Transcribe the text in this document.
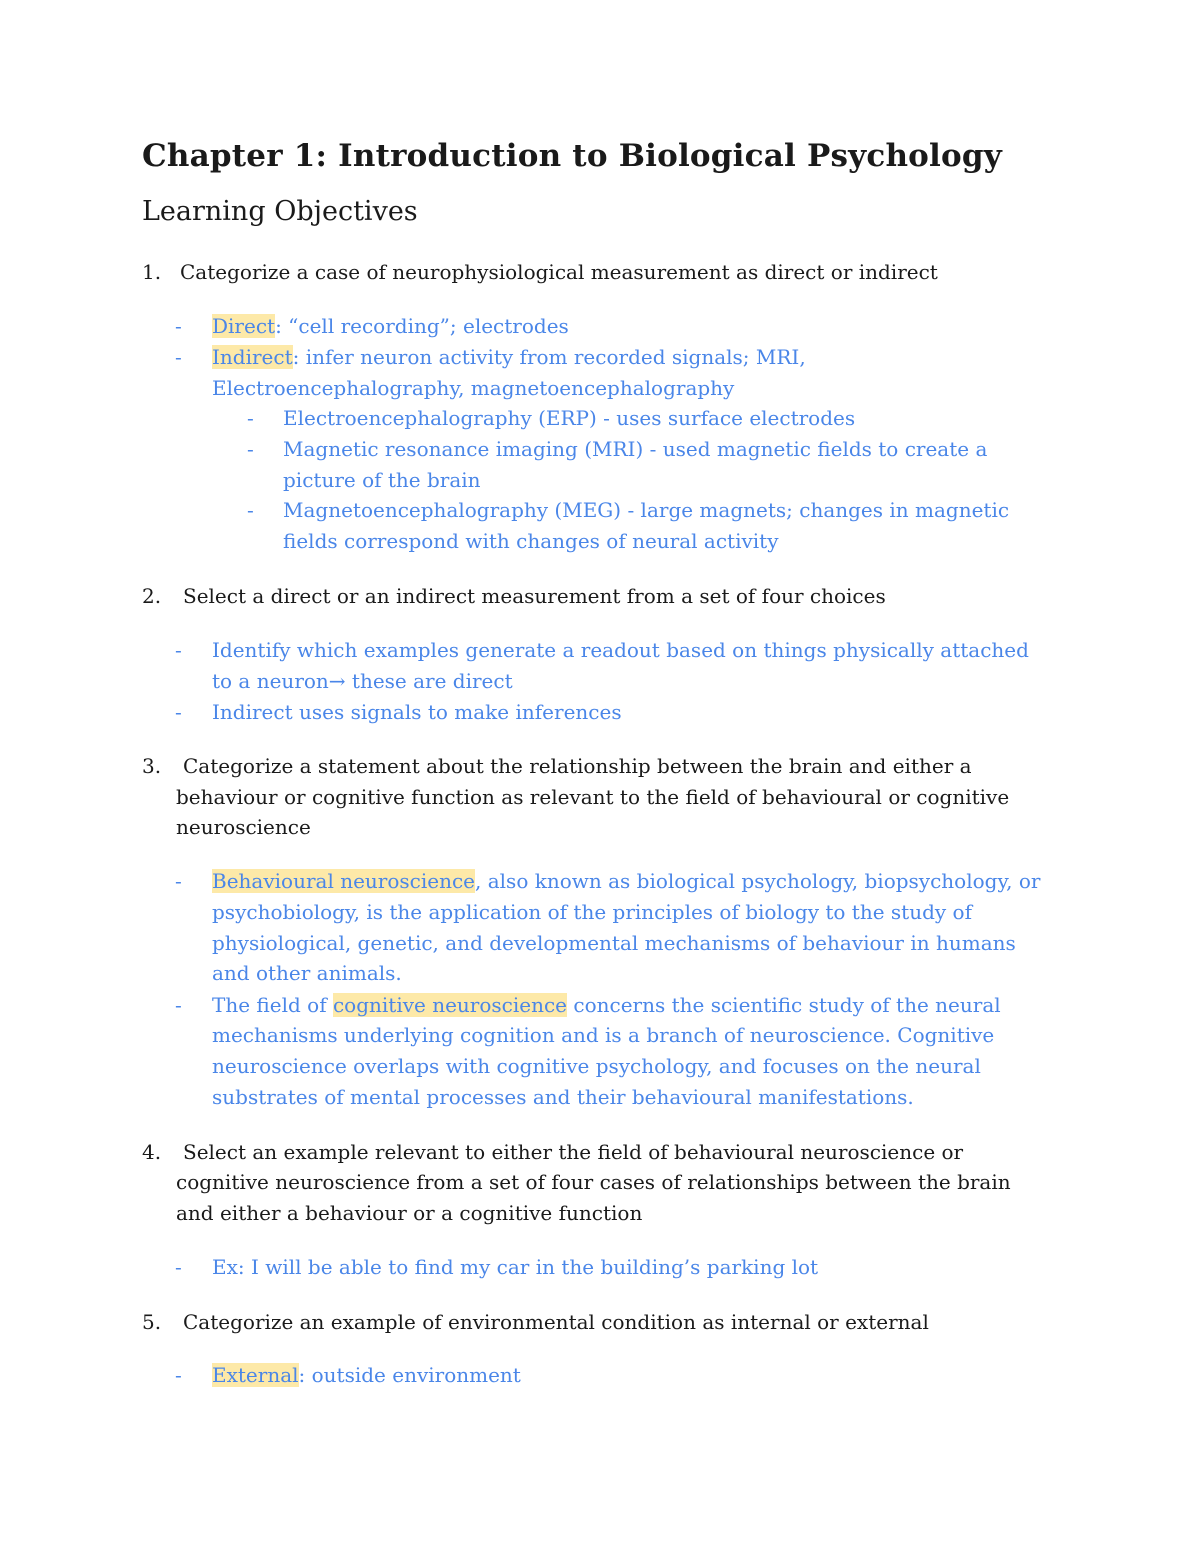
Chapter 1: Introduction to Biological Psychology
Learning Objectives
1. Categorize a case of neurophysiological measurement as direct or indirect
- Direct: “cell recording”; electrodes
- Indirect: infer neuron activity from recorded signals; MRI,
Electroencephalography, magnetoencephalography
- Electroencephalography (ERP) - uses surface electrodes
- Magnetic resonance imaging (MRI) - used magnetic fields to create a
picture of the brain
- Magnetoencephalography (MEG) - large magnets; changes in magnetic
fields correspond with changes of neural activity
2. Select a direct or an indirect measurement from a set of four choices
- Identify which examples generate a readout based on things physically attached
to a neuron→ these are direct
- Indirect uses signals to make inferences
3. Categorize a statement about the relationship between the brain and either a
behaviour or cognitive function as relevant to the field of behavioural or cognitive
neuroscience
- Behavioural neuroscience, also known as biological psychology, biopsychology, or
psychobiology, is the application of the principles of biology to the study of
physiological, genetic, and developmental mechanisms of behaviour in humans
and other animals.
- The field of cognitive neuroscience concerns the scientific study of the neural
mechanisms underlying cognition and is a branch of neuroscience. Cognitive
neuroscience overlaps with cognitive psychology, and focuses on the neural
substrates of mental processes and their behavioural manifestations.
4. Select an example relevant to either the field of behavioural neuroscience or
cognitive neuroscience from a set of four cases of relationships between the brain
and either a behaviour or a cognitive function
- Ex: I will be able to find my car in the building’s parking lot
5. Categorize an example of environmental condition as internal or external
- External: outside environment
